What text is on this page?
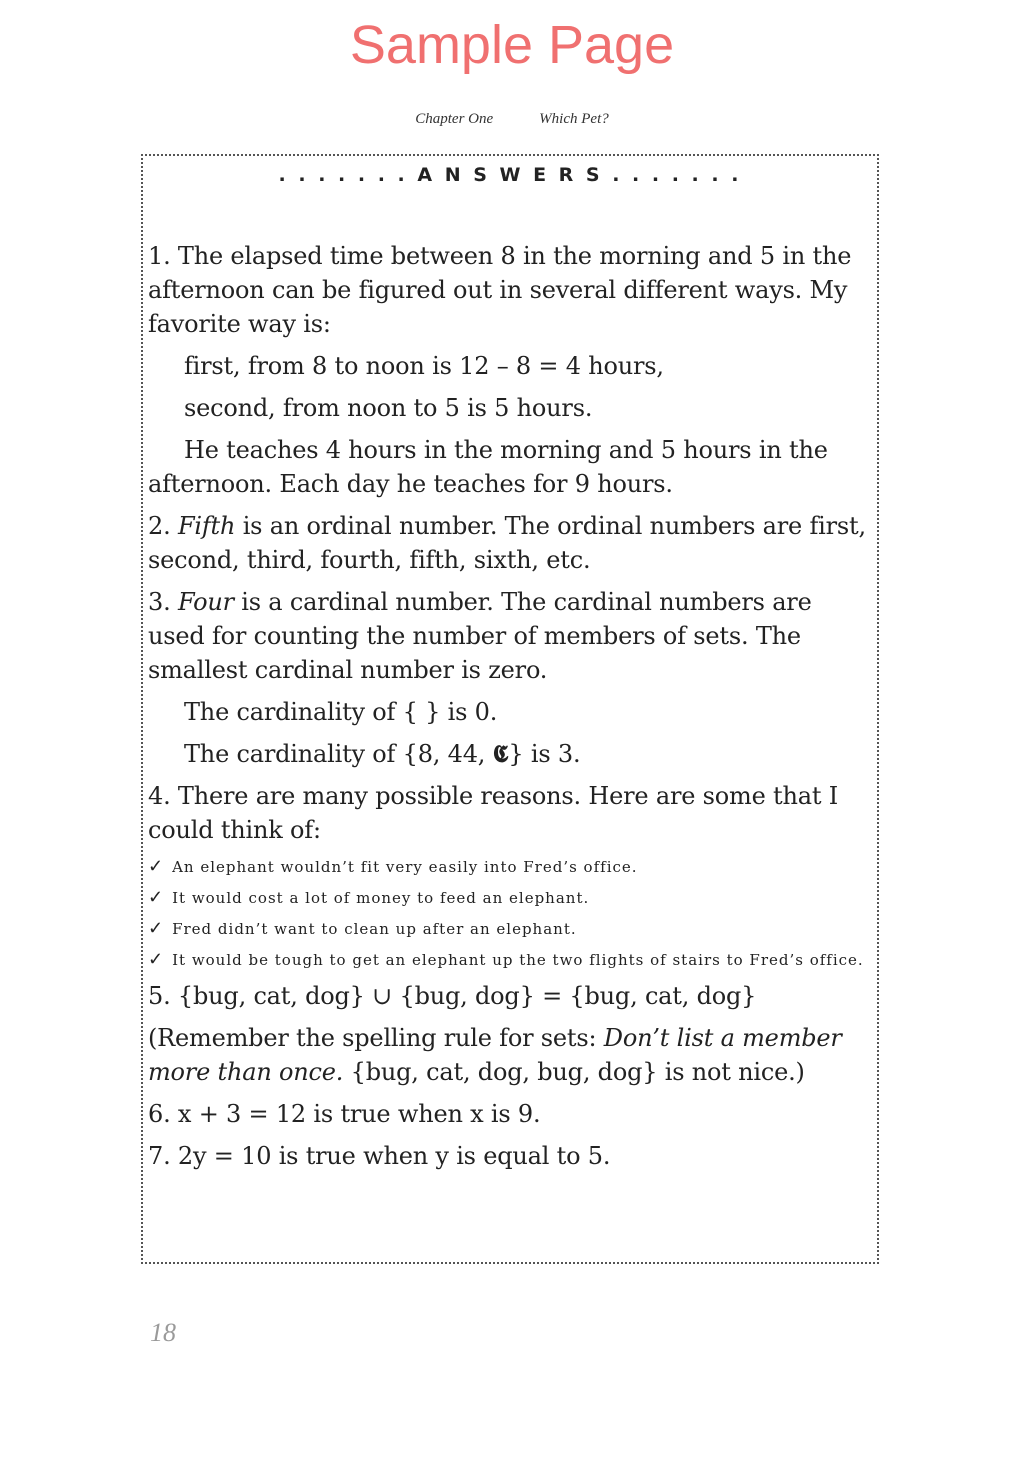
Sample Page
Chapter One	Which Pet?
. . . . . . . A N S W E R S . . . . . . .

1. The elapsed time between 8 in the morning and 5 in the afternoon can be figured out in several different ways. My favorite way is:

first, from 8 to noon is 12 – 8 = 4 hours,

second, from noon to 5 is 5 hours.

He teaches 4 hours in the morning and 5 hours in the afternoon. Each day he teaches for 9 hours.

2. Fifth is an ordinal number. The ordinal numbers are first, second, third, fourth, fifth, sixth, etc.

3. Four is a cardinal number. The cardinal numbers are used for counting the number of members of sets. The smallest cardinal number is zero.

The cardinality of { } is 0.

The cardinality of {8, 44, 𝕮} is 3.

4. There are many possible reasons. Here are some that I could think of:

✓ An elephant wouldn’t fit very easily into Fred’s office.
✓ It would cost a lot of money to feed an elephant.
✓ Fred didn’t want to clean up after an elephant.
✓ It would be tough to get an elephant up the two flights of stairs to Fred’s office.

5. {bug, cat, dog} ∪ {bug, dog} = {bug, cat, dog}

(Remember the spelling rule for sets: Don’t list a member more than once. {bug, cat, dog, bug, dog} is not nice.)

6. x + 3 = 12 is true when x is 9.

7. 2y = 10 is true when y is equal to 5.

18
